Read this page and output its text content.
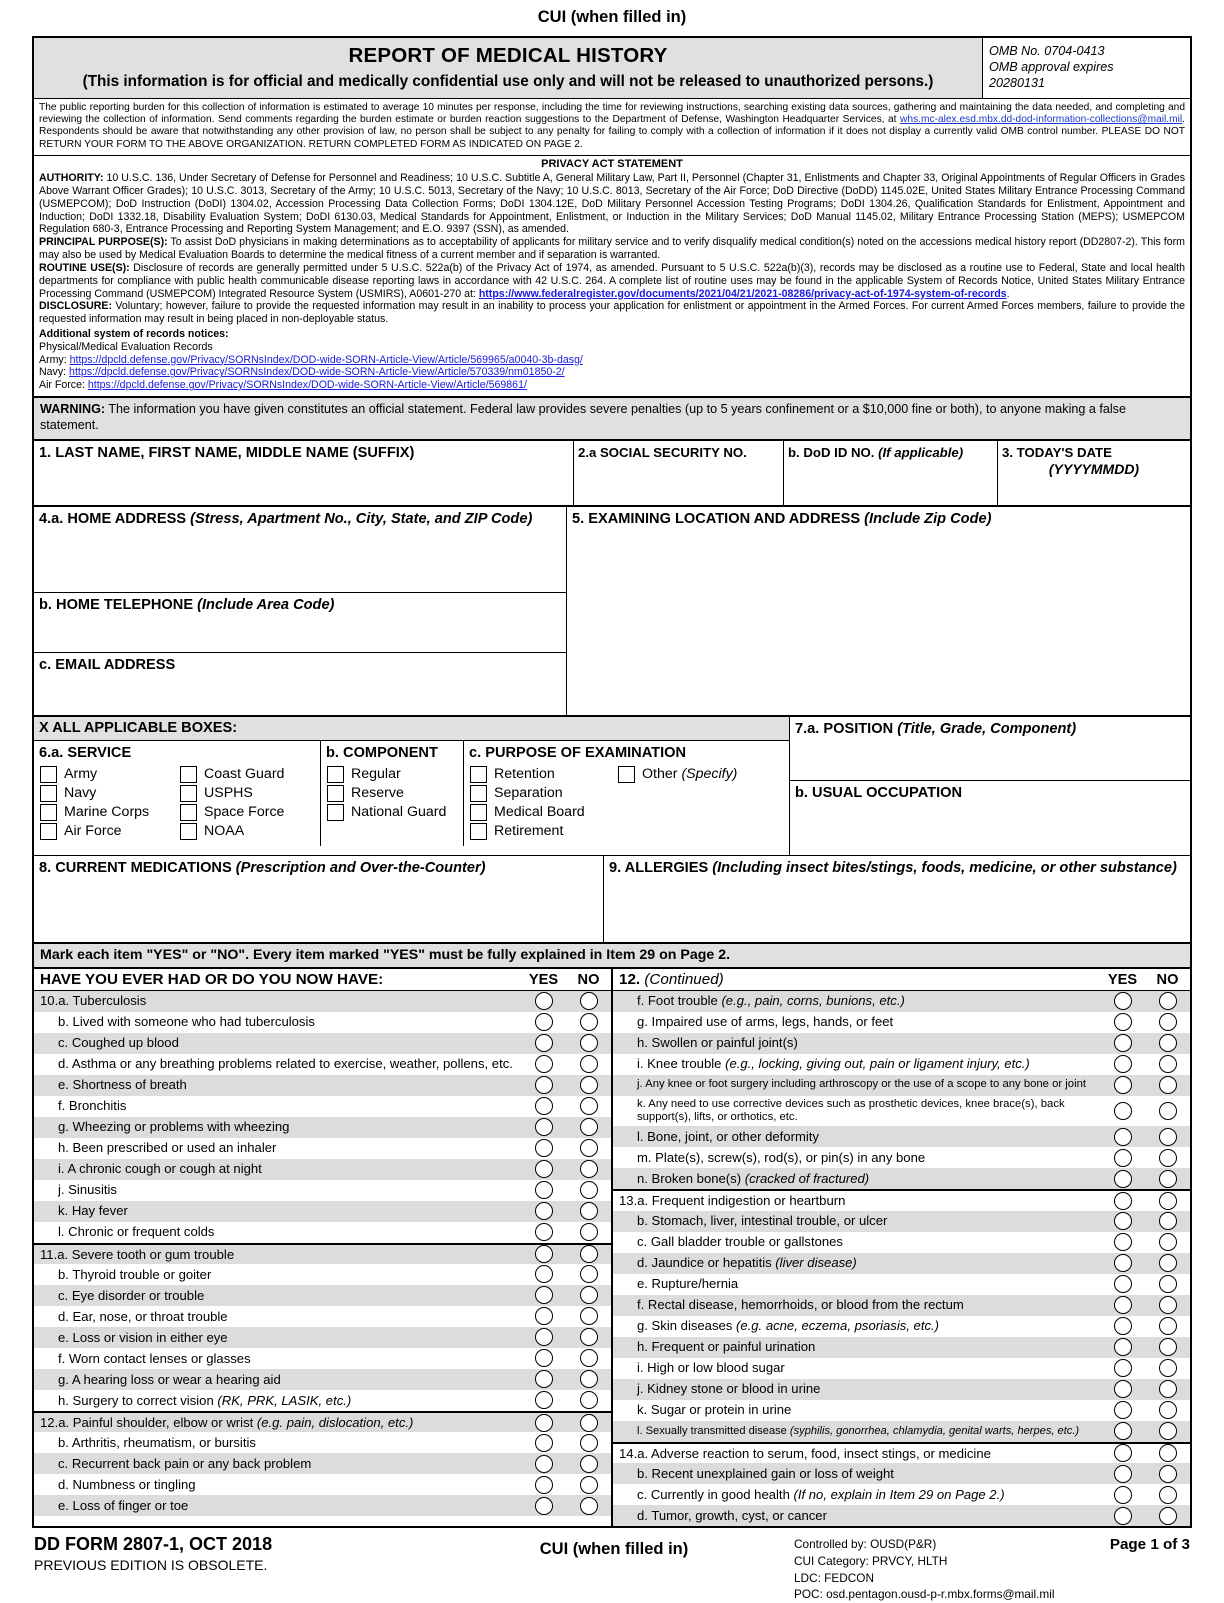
CUI (when filled in)
REPORT OF MEDICAL HISTORY
(This information is for official and medically confidential use only and will not be released to unauthorized persons.)
OMB No. 0704-0413
OMB approval expires
20280131
The public reporting burden for this collection of information is estimated to average 10 minutes per response, including the time for reviewing instructions, searching existing data sources, gathering and maintaining the data needed, and completing and reviewing the collection of information. Send comments regarding the burden estimate or burden reaction suggestions to the Department of Defense, Washington Headquarter Services, at whs.mc-alex.esd.mbx.dd-dod-information-collections@mail.mil. Respondents should be aware that notwithstanding any other provision of law, no person shall be subject to any penalty for failing to comply with a collection of information if it does not display a currently valid OMB control number. PLEASE DO NOT RETURN YOUR FORM TO THE ABOVE ORGANIZATION. RETURN COMPLETED FORM AS INDICATED ON PAGE 2.
PRIVACY ACT STATEMENT

AUTHORITY: 10 U.S.C. 136, Under Secretary of Defense for Personnel and Readiness; 10 U.S.C. Subtitle A, General Military Law, Part II, Personnel (Chapter 31, Enlistments and Chapter 33, Original Appointments of Regular Officers in Grades Above Warrant Officer Grades); 10 U.S.C. 3013, Secretary of the Army; 10 U.S.C. 5013, Secretary of the Navy; 10 U.S.C. 8013, Secretary of the Air Force; DoD Directive (DoDD) 1145.02E, United States Military Entrance Processing Command (USMEPCOM); DoD Instruction (DoDI) 1304.02, Accession Processing Data Collection Forms; DoDI 1304.12E, DoD Military Personnel Accession Testing Programs; DoDI 1304.26, Qualification Standards for Enlistment, Appointment and Induction; DoDI 1332.18, Disability Evaluation System; DoDI 6130.03, Medical Standards for Appointment, Enlistment, or Induction in the Military Services; DoD Manual 1145.02, Military Entrance Processing Station (MEPS); USMEPCOM Regulation 680-3, Entrance Processing and Reporting System Management; and E.O. 9397 (SSN), as amended.

PRINCIPAL PURPOSE(S): To assist DoD physicians in making determinations as to acceptability of applicants for military service and to verify disqualify medical condition(s) noted on the accessions medical history report (DD2807-2). This form may also be used by Medical Evaluation Boards to determine the medical fitness of a current member and if separation is warranted.

ROUTINE USE(S): Disclosure of records are generally permitted under 5 U.S.C. 522a(b) of the Privacy Act of 1974, as amended. Pursuant to 5 U.S.C. 522a(b)(3), records may be disclosed as a routine use to Federal, State and local health departments for compliance with public health communicable disease reporting laws in accordance with 42 U.S.C. 264. A complete list of routine uses may be found in the applicable System of Records Notice, United States Military Entrance Processing Command (USMEPCOM) Integrated Resource System (USMIRS), A0601-270 at: https://www.federalregister.gov/documents/2021/04/21/2021-08286/privacy-act-of-1974-system-of-records.

DISCLOSURE: Voluntary; however, failure to provide the requested information may result in an inability to process your application for enlistment or appointment in the Armed Forces. For current Armed Forces members, failure to provide the requested information may result in being placed in non-deployable status.

Additional system of records notices:
Physical/Medical Evaluation Records
Army: https://dpcld.defense.gov/Privacy/SORNsIndex/DOD-wide-SORN-Article-View/Article/569965/a0040-3b-dasg/
Navy: https://dpcld.defense.gov/Privacy/SORNsIndex/DOD-wide-SORN-Article-View/Article/570339/nm01850-2/
Air Force: https://dpcld.defense.gov/Privacy/SORNsIndex/DOD-wide-SORN-Article-View/Article/569861/
WARNING: The information you have given constitutes an official statement. Federal law provides severe penalties (up to 5 years confinement or a $10,000 fine or both), to anyone making a false statement.
1. LAST NAME, FIRST NAME, MIDDLE NAME (SUFFIX)	2.a SOCIAL SECURITY NO.	b. DoD ID NO. (If applicable)	3. TODAY'S DATE
(YYYYMMDD)
4.a. HOME ADDRESS (Stress, Apartment No., City, State, and ZIP Code)
b. HOME TELEPHONE (Include Area Code)
c. EMAIL ADDRESS
5. EXAMINING LOCATION AND ADDRESS (Include Zip Code)
X ALL APPLICABLE BOXES:
6.a. SERVICE
Army
Navy
Marine Corps
Air Force
Coast Guard
USPHS
Space Force
NOAA
b. COMPONENT
Regular
Reserve
National Guard
c. PURPOSE OF EXAMINATION
Retention
Separation
Medical Board
Retirement
Other (Specify)
7.a. POSITION (Title, Grade, Component)
b. USUAL OCCUPATION
8. CURRENT MEDICATIONS (Prescription and Over-the-Counter)	9. ALLERGIES (Including insect bites/stings, foods, medicine, or other substance)
Mark each item "YES" or "NO". Every item marked "YES" must be fully explained in Item 29 on Page 2.
HAVE YOU EVER HAD OR DO YOU NOW HAVE:	YES	NO
10.a. Tuberculosis
b. Lived with someone who had tuberculosis
c. Coughed up blood
d. Asthma or any breathing problems related to exercise, weather, pollens, etc.
e. Shortness of breath
f. Bronchitis
g. Wheezing or problems with wheezing
h. Been prescribed or used an inhaler
i. A chronic cough or cough at night
j. Sinusitis
k. Hay fever
l. Chronic or frequent colds
11.a. Severe tooth or gum trouble
b. Thyroid trouble or goiter
c. Eye disorder or trouble
d. Ear, nose, or throat trouble
e. Loss or vision in either eye
f. Worn contact lenses or glasses
g. A hearing loss or wear a hearing aid
h. Surgery to correct vision (RK, PRK, LASIK, etc.)
12.a. Painful shoulder, elbow or wrist (e.g. pain, dislocation, etc.)
b. Arthritis, rheumatism, or bursitis
c. Recurrent back pain or any back problem
d. Numbness or tingling
e. Loss of finger or toe
12. (Continued)	YES	NO
f. Foot trouble (e.g., pain, corns, bunions, etc.)
g. Impaired use of arms, legs, hands, or feet
h. Swollen or painful joint(s)
i. Knee trouble (e.g., locking, giving out, pain or ligament injury, etc.)
j. Any knee or foot surgery including arthroscopy or the use of a scope to any bone or joint
k. Any need to use corrective devices such as prosthetic devices, knee brace(s), back support(s), lifts, or orthotics, etc.
l. Bone, joint, or other deformity
m. Plate(s), screw(s), rod(s), or pin(s) in any bone
n. Broken bone(s) (cracked of fractured)
13.a. Frequent indigestion or heartburn
b. Stomach, liver, intestinal trouble, or ulcer
c. Gall bladder trouble or gallstones
d. Jaundice or hepatitis (liver disease)
e. Rupture/hernia
f. Rectal disease, hemorrhoids, or blood from the rectum
g. Skin diseases (e.g. acne, eczema, psoriasis, etc.)
h. Frequent or painful urination
i. High or low blood sugar
j. Kidney stone or blood in urine
k. Sugar or protein in urine
l. Sexually transmitted disease (syphilis, gonorrhea, chlamydia, genital warts, herpes, etc.)
14.a. Adverse reaction to serum, food, insect stings, or medicine
b. Recent unexplained gain or loss of weight
c. Currently in good health (If no, explain in Item 29 on Page 2.)
d. Tumor, growth, cyst, or cancer
DD FORM 2807-1, OCT 2018
PREVIOUS EDITION IS OBSOLETE.
CUI (when filled in)	Controlled by: OUSD(P&R)
CUI Category: PRVCY, HLTH
LDC: FEDCON
POC: osd.pentagon.ousd-p-r.mbx.forms@mail.mil
Page 1 of 3
